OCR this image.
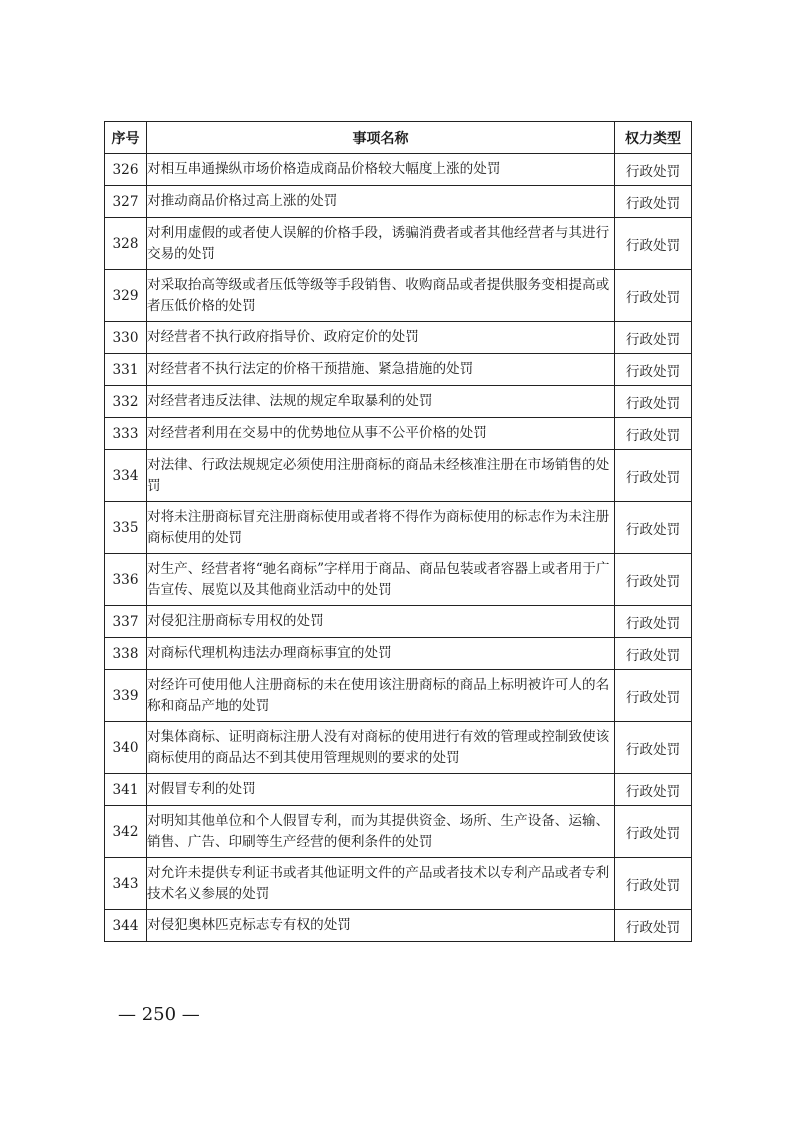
序号	事项名称	权力类型
326	对相互串通操纵市场价格造成商品价格较大幅度上涨的处罚	行政处罚
327	对推动商品价格过高上涨的处罚	行政处罚
328	对利用虚假的或者使人误解的价格手段，诱骗消费者或者其他经营者与其进行交易的处罚	行政处罚
329	对采取抬高等级或者压低等级等手段销售、收购商品或者提供服务变相提高或者压低价格的处罚	行政处罚
330	对经营者不执行政府指导价、政府定价的处罚	行政处罚
331	对经营者不执行法定的价格干预措施、紧急措施的处罚	行政处罚
332	对经营者违反法律、法规的规定牟取暴利的处罚	行政处罚
333	对经营者利用在交易中的优势地位从事不公平价格的处罚	行政处罚
334	对法律、行政法规规定必须使用注册商标的商品未经核准注册在市场销售的处罚	行政处罚
335	对将未注册商标冒充注册商标使用或者将不得作为商标使用的标志作为未注册商标使用的处罚	行政处罚
336	对生产、经营者将“驰名商标”字样用于商品、商品包装或者容器上或者用于广告宣传、展览以及其他商业活动中的处罚	行政处罚
337	对侵犯注册商标专用权的处罚	行政处罚
338	对商标代理机构违法办理商标事宜的处罚	行政处罚
339	对经许可使用他人注册商标的未在使用该注册商标的商品上标明被许可人的名称和商品产地的处罚	行政处罚
340	对集体商标、证明商标注册人没有对商标的使用进行有效的管理或控制致使该商标使用的商品达不到其使用管理规则的要求的处罚	行政处罚
341	对假冒专利的处罚	行政处罚
342	对明知其他单位和个人假冒专利，而为其提供资金、场所、生产设备、运输、销售、广告、印刷等生产经营的便利条件的处罚	行政处罚
343	对允许未提供专利证书或者其他证明文件的产品或者技术以专利产品或者专利技术名义参展的处罚	行政处罚
344	对侵犯奥林匹克标志专有权的处罚	行政处罚
— 250 —
